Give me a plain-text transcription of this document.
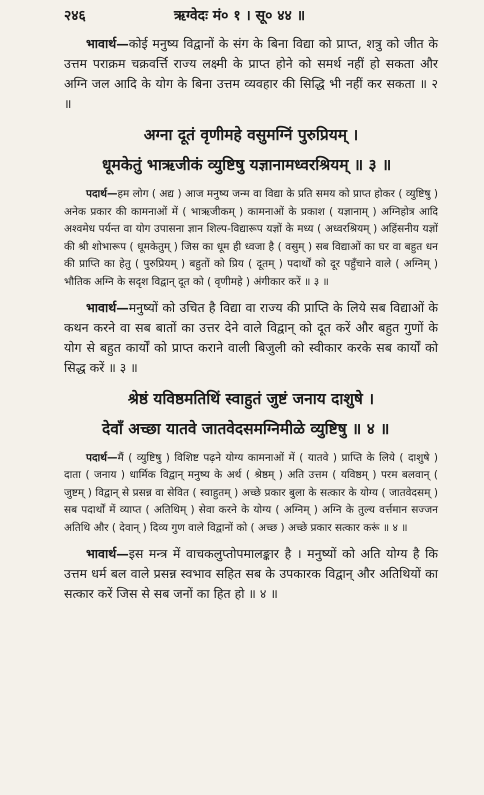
२४६	ऋग्वेदः मं० १ । सू० ४४ ॥

भावार्थ—कोई मनुष्य विद्वानों के संग के बिना विद्या को प्राप्त, शत्रु को जीत के उत्तम पराक्रम चक्रवर्त्ति राज्य लक्ष्मी के प्राप्त होने को समर्थ नहीं हो सकता और अग्नि जल आदि के योग के बिना उत्तम व्यवहार की सिद्धि भी नहीं कर सकता ॥ २ ॥

अग्ना दूतं वृणीमहे वसुमग्निं पुरुप्रियम् ।

धूमकेतुं भाऋजीकं व्युष्टिषु यज्ञानामध्वरश्रियम् ॥ ३ ॥

पदार्थ—हम लोग ( अद्य ) आज मनुष्य जन्म वा विद्या के प्रति समय को प्राप्त होकर ( व्युष्टिषु ) अनेक प्रकार की कामनाओं में ( भाऋजीकम् ) कामनाओं के प्रकाश ( यज्ञानाम् ) अग्निहोत्र आदि अश्वमेध पर्यन्त वा योग उपासना ज्ञान शिल्प-विद्यारूप यज्ञों के मध्य ( अध्वरश्रियम् ) अहिंसनीय यज्ञों की श्री शोभारूप ( धूमकेतुम् ) जिस का धूम ही ध्वजा है ( वसुम् ) सब विद्याओं का घर वा बहुत धन की प्राप्ति का हेतु ( पुरुप्रियम् ) बहुतों को प्रिय ( दूतम् ) पदार्थों को दूर पहुँचाने वाले ( अग्निम् ) भौतिक अग्नि के सदृश विद्वान् दूत को ( वृणीमहे ) अंगीकार करें ॥ ३ ॥

भावार्थ—मनुष्यों को उचित है विद्या वा राज्य की प्राप्ति के लिये सब विद्याओं के कथन करने वा सब बातों का उत्तर देने वाले विद्वान् को दूत करें और बहुत गुणों के योग से बहुत कार्यों को प्राप्त कराने वाली बिजुली को स्वीकार करके सब कार्यों को सिद्ध करें ॥ ३ ॥

श्रेष्ठं यविष्ठमतिथिं स्वाहुतं जुष्टं जनाय दाशुषे ।

देवाँ अच्छा यातवे जातवेदसमग्निमीळे व्युष्टिषु ॥ ४ ॥

पदार्थ—मैं ( व्युष्टिषु ) विशिष्ट पढ़ने योग्य कामनाओं में ( यातवे ) प्राप्ति के लिये ( दाशुषे ) दाता ( जनाय ) धार्मिक विद्वान् मनुष्य के अर्थ ( श्रेष्ठम् ) अति उत्तम ( यविष्ठम् ) परम बलवान् ( जुष्टम् ) विद्वान् से प्रसन्न वा सेवित ( स्वाहुतम् ) अच्छे प्रकार बुला के सत्कार के योग्य ( जातवेदसम् ) सब पदार्थों में व्याप्त ( अतिथिम् ) सेवा करने के योग्य ( अग्निम् ) अग्नि के तुल्य वर्त्तमान सज्जन अतिथि और ( देवान् ) दिव्य गुण वाले विद्वानों को ( अच्छ ) अच्छे प्रकार सत्कार करूं ॥ ४ ॥

भावार्थ—इस मन्त्र में वाचकलुप्तोपमालङ्कार है । मनुष्यों को अति योग्य है कि उत्तम धर्म बल वाले प्रसन्न स्वभाव सहित सब के उपकारक विद्वान् और अतिथियों का सत्कार करें जिस से सब जनों का हित हो ॥ ४ ॥
